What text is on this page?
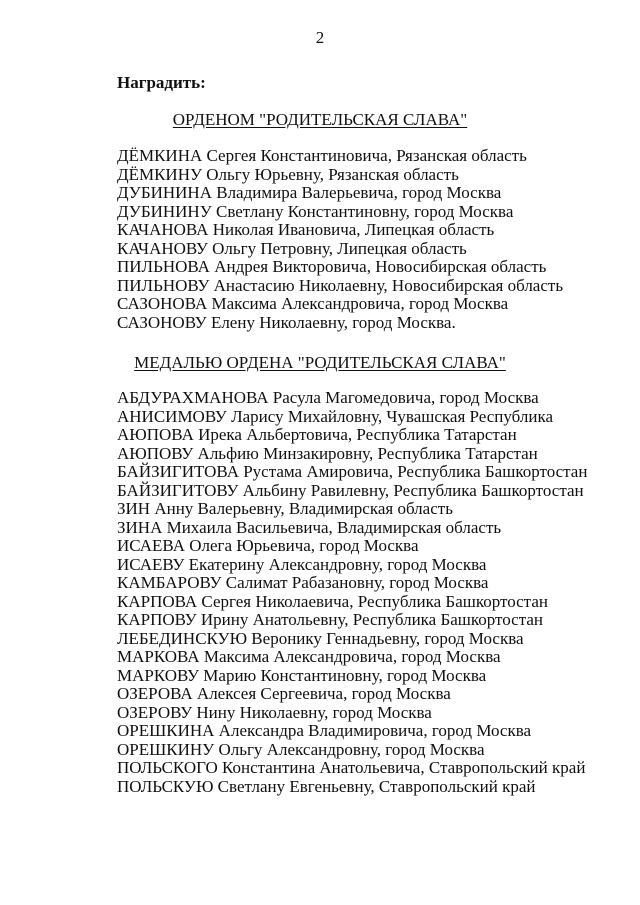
2
Наградить:
ОРДЕНОМ "РОДИТЕЛЬСКАЯ СЛАВА"
ДЁМКИНА Сергея Константиновича, Рязанская область
ДЁМКИНУ Ольгу Юрьевну, Рязанская область
ДУБИНИНА Владимира Валерьевича, город Москва
ДУБИНИНУ Светлану Константиновну, город Москва
КАЧАНОВА Николая Ивановича, Липецкая область
КАЧАНОВУ Ольгу Петровну, Липецкая область
ПИЛЬНОВА Андрея Викторовича, Новосибирская область
ПИЛЬНОВУ Анастасию Николаевну, Новосибирская область
САЗОНОВА Максима Александровича, город Москва
САЗОНОВУ Елену Николаевну, город Москва.
МЕДАЛЬЮ ОРДЕНА "РОДИТЕЛЬСКАЯ СЛАВА"
АБДУРАХМАНОВА Расула Магомедовича, город Москва
АНИСИМОВУ Ларису Михайловну, Чувашская Республика
АЮПОВА Ирека Альбертовича, Республика Татарстан
АЮПОВУ Альфию Минзакировну, Республика Татарстан
БАЙЗИГИТОВА Рустама Амировича, Республика Башкортостан
БАЙЗИГИТОВУ Альбину Равилевну, Республика Башкортостан
ЗИН Анну Валерьевну, Владимирская область
ЗИНА Михаила Васильевича, Владимирская область
ИСАЕВА Олега Юрьевича, город Москва
ИСАЕВУ Екатерину Александровну, город Москва
КАМБАРОВУ Салимат Рабазановну, город Москва
КАРПОВА Сергея Николаевича, Республика Башкортостан
КАРПОВУ Ирину Анатольевну, Республика Башкортостан
ЛЕБЕДИНСКУЮ Веронику Геннадьевну, город Москва
МАРКОВА Максима Александровича, город Москва
МАРКОВУ Марию Константиновну, город Москва
ОЗЕРОВА Алексея Сергеевича, город Москва
ОЗЕРОВУ Нину Николаевну, город Москва
ОРЕШКИНА Александра Владимировича, город Москва
ОРЕШКИНУ Ольгу Александровну, город Москва
ПОЛЬСКОГО Константина Анатольевича, Ставропольский край
ПОЛЬСКУЮ Светлану Евгеньевну, Ставропольский край
